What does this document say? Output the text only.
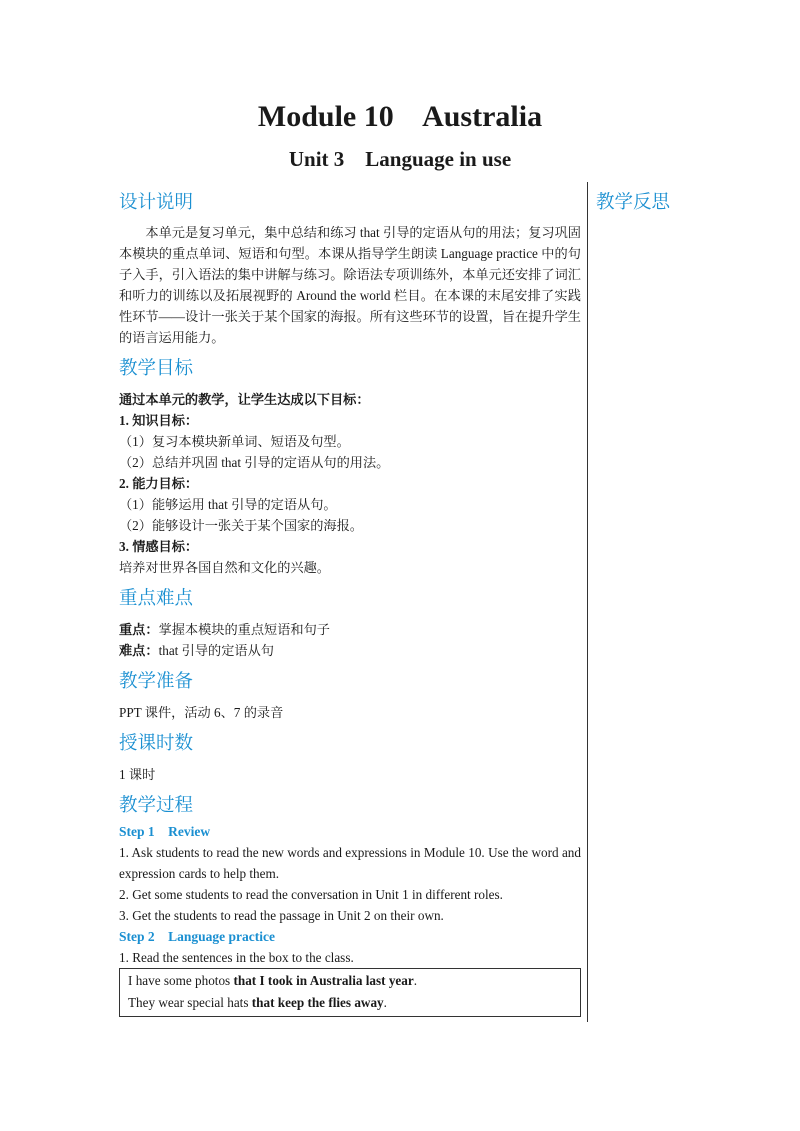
Module 10    Australia
Unit 3    Language in use

教学反思

设计说明

本单元是复习单元，集中总结和练习 that 引导的定语从句的用法；复习巩固本模块的重点单词、短语和句型。本课从指导学生朗读 Language practice 中的句子入手，引入语法的集中讲解与练习。除语法专项训练外，本单元还安排了词汇和听力的训练以及拓展视野的 Around the world 栏目。在本课的末尾安排了实践性环节——设计一张关于某个国家的海报。所有这些环节的设置，旨在提升学生的语言运用能力。

教学目标

通过本单元的教学，让学生达成以下目标：

1. 知识目标：

（1）复习本模块新单词、短语及句型。

（2）总结并巩固 that 引导的定语从句的用法。

2. 能力目标：

（1）能够运用 that 引导的定语从句。

（2）能够设计一张关于某个国家的海报。

3. 情感目标：

培养对世界各国自然和文化的兴趣。

重点难点

重点：掌握本模块的重点短语和句子

难点：that 引导的定语从句

教学准备

PPT 课件，活动 6、7 的录音

授课时数

1 课时

教学过程

Step 1    Review

1. Ask students to read the new words and expressions in Module 10. Use the word and expression cards to help them.

2. Get some students to read the conversation in Unit 1 in different roles.

3. Get the students to read the passage in Unit 2 on their own.

Step 2    Language practice

1. Read the sentences in the box to the class.

I have some photos that I took in Australia last year.

They wear special hats that keep the flies away.
